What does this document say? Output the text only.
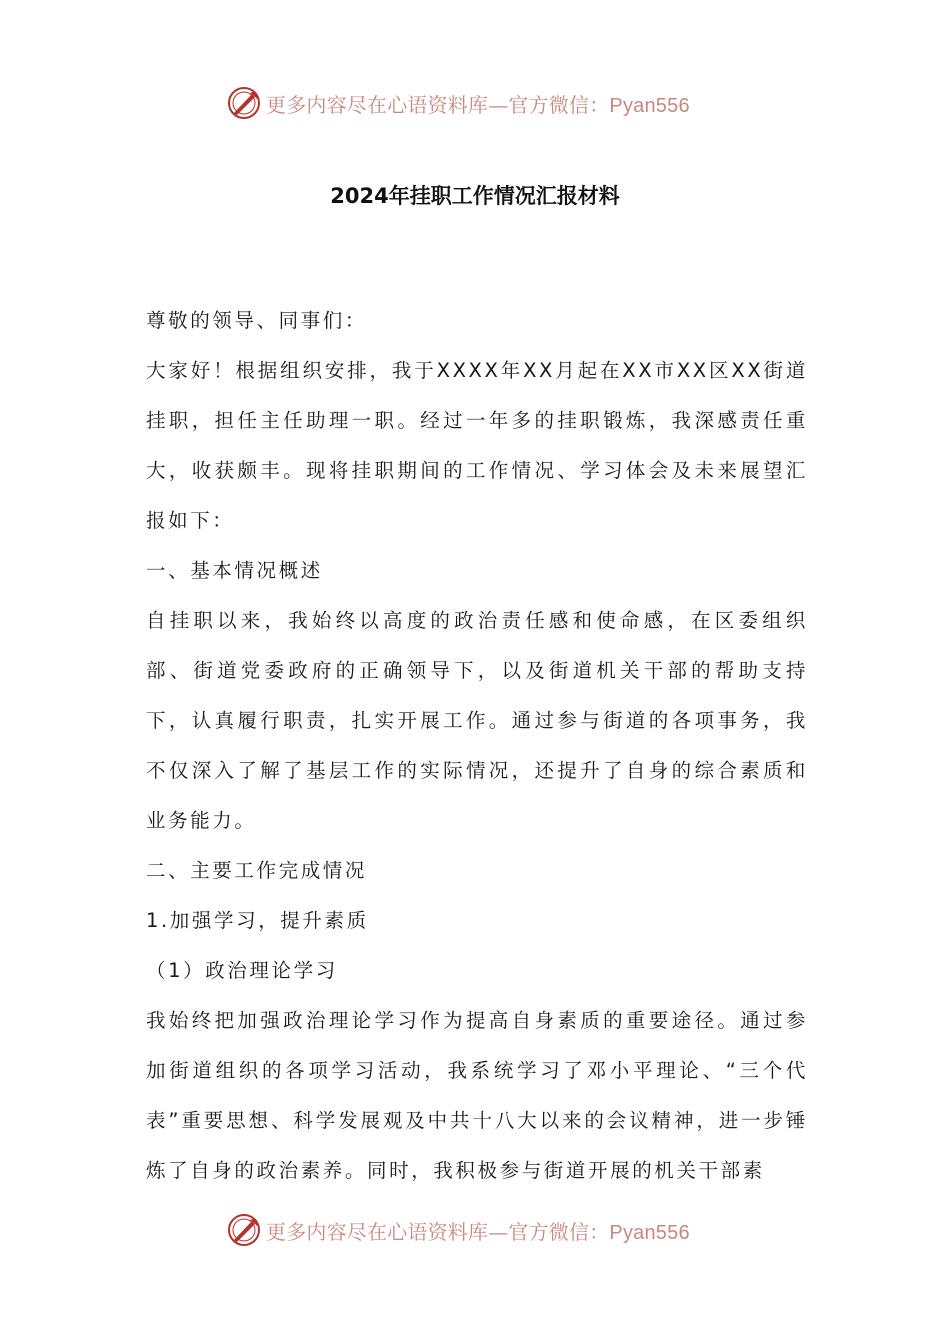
更多内容尽在心语资料库—官方微信：Pyan556
2024年挂职工作情况汇报材料

尊敬的领导、同事们：

大家好！根据组织安排，我于XXXX年XX月起在XX市XX区XX街道挂职，担任主任助理一职。经过一年多的挂职锻炼，我深感责任重大，收获颇丰。现将挂职期间的工作情况、学习体会及未来展望汇报如下：

一、基本情况概述

自挂职以来，我始终以高度的政治责任感和使命感，在区委组织部、街道党委政府的正确领导下，以及街道机关干部的帮助支持下，认真履行职责，扎实开展工作。通过参与街道的各项事务，我不仅深入了解了基层工作的实际情况，还提升了自身的综合素质和业务能力。

二、主要工作完成情况

1.加强学习，提升素质

（1）政治理论学习

我始终把加强政治理论学习作为提高自身素质的重要途径。通过参加街道组织的各项学习活动，我系统学习了邓小平理论、“三个代表”重要思想、科学发展观及中共十八大以来的会议精神，进一步锤炼了自身的政治素养。同时，我积极参与街道开展的机关干部素

更多内容尽在心语资料库—官方微信：Pyan556
